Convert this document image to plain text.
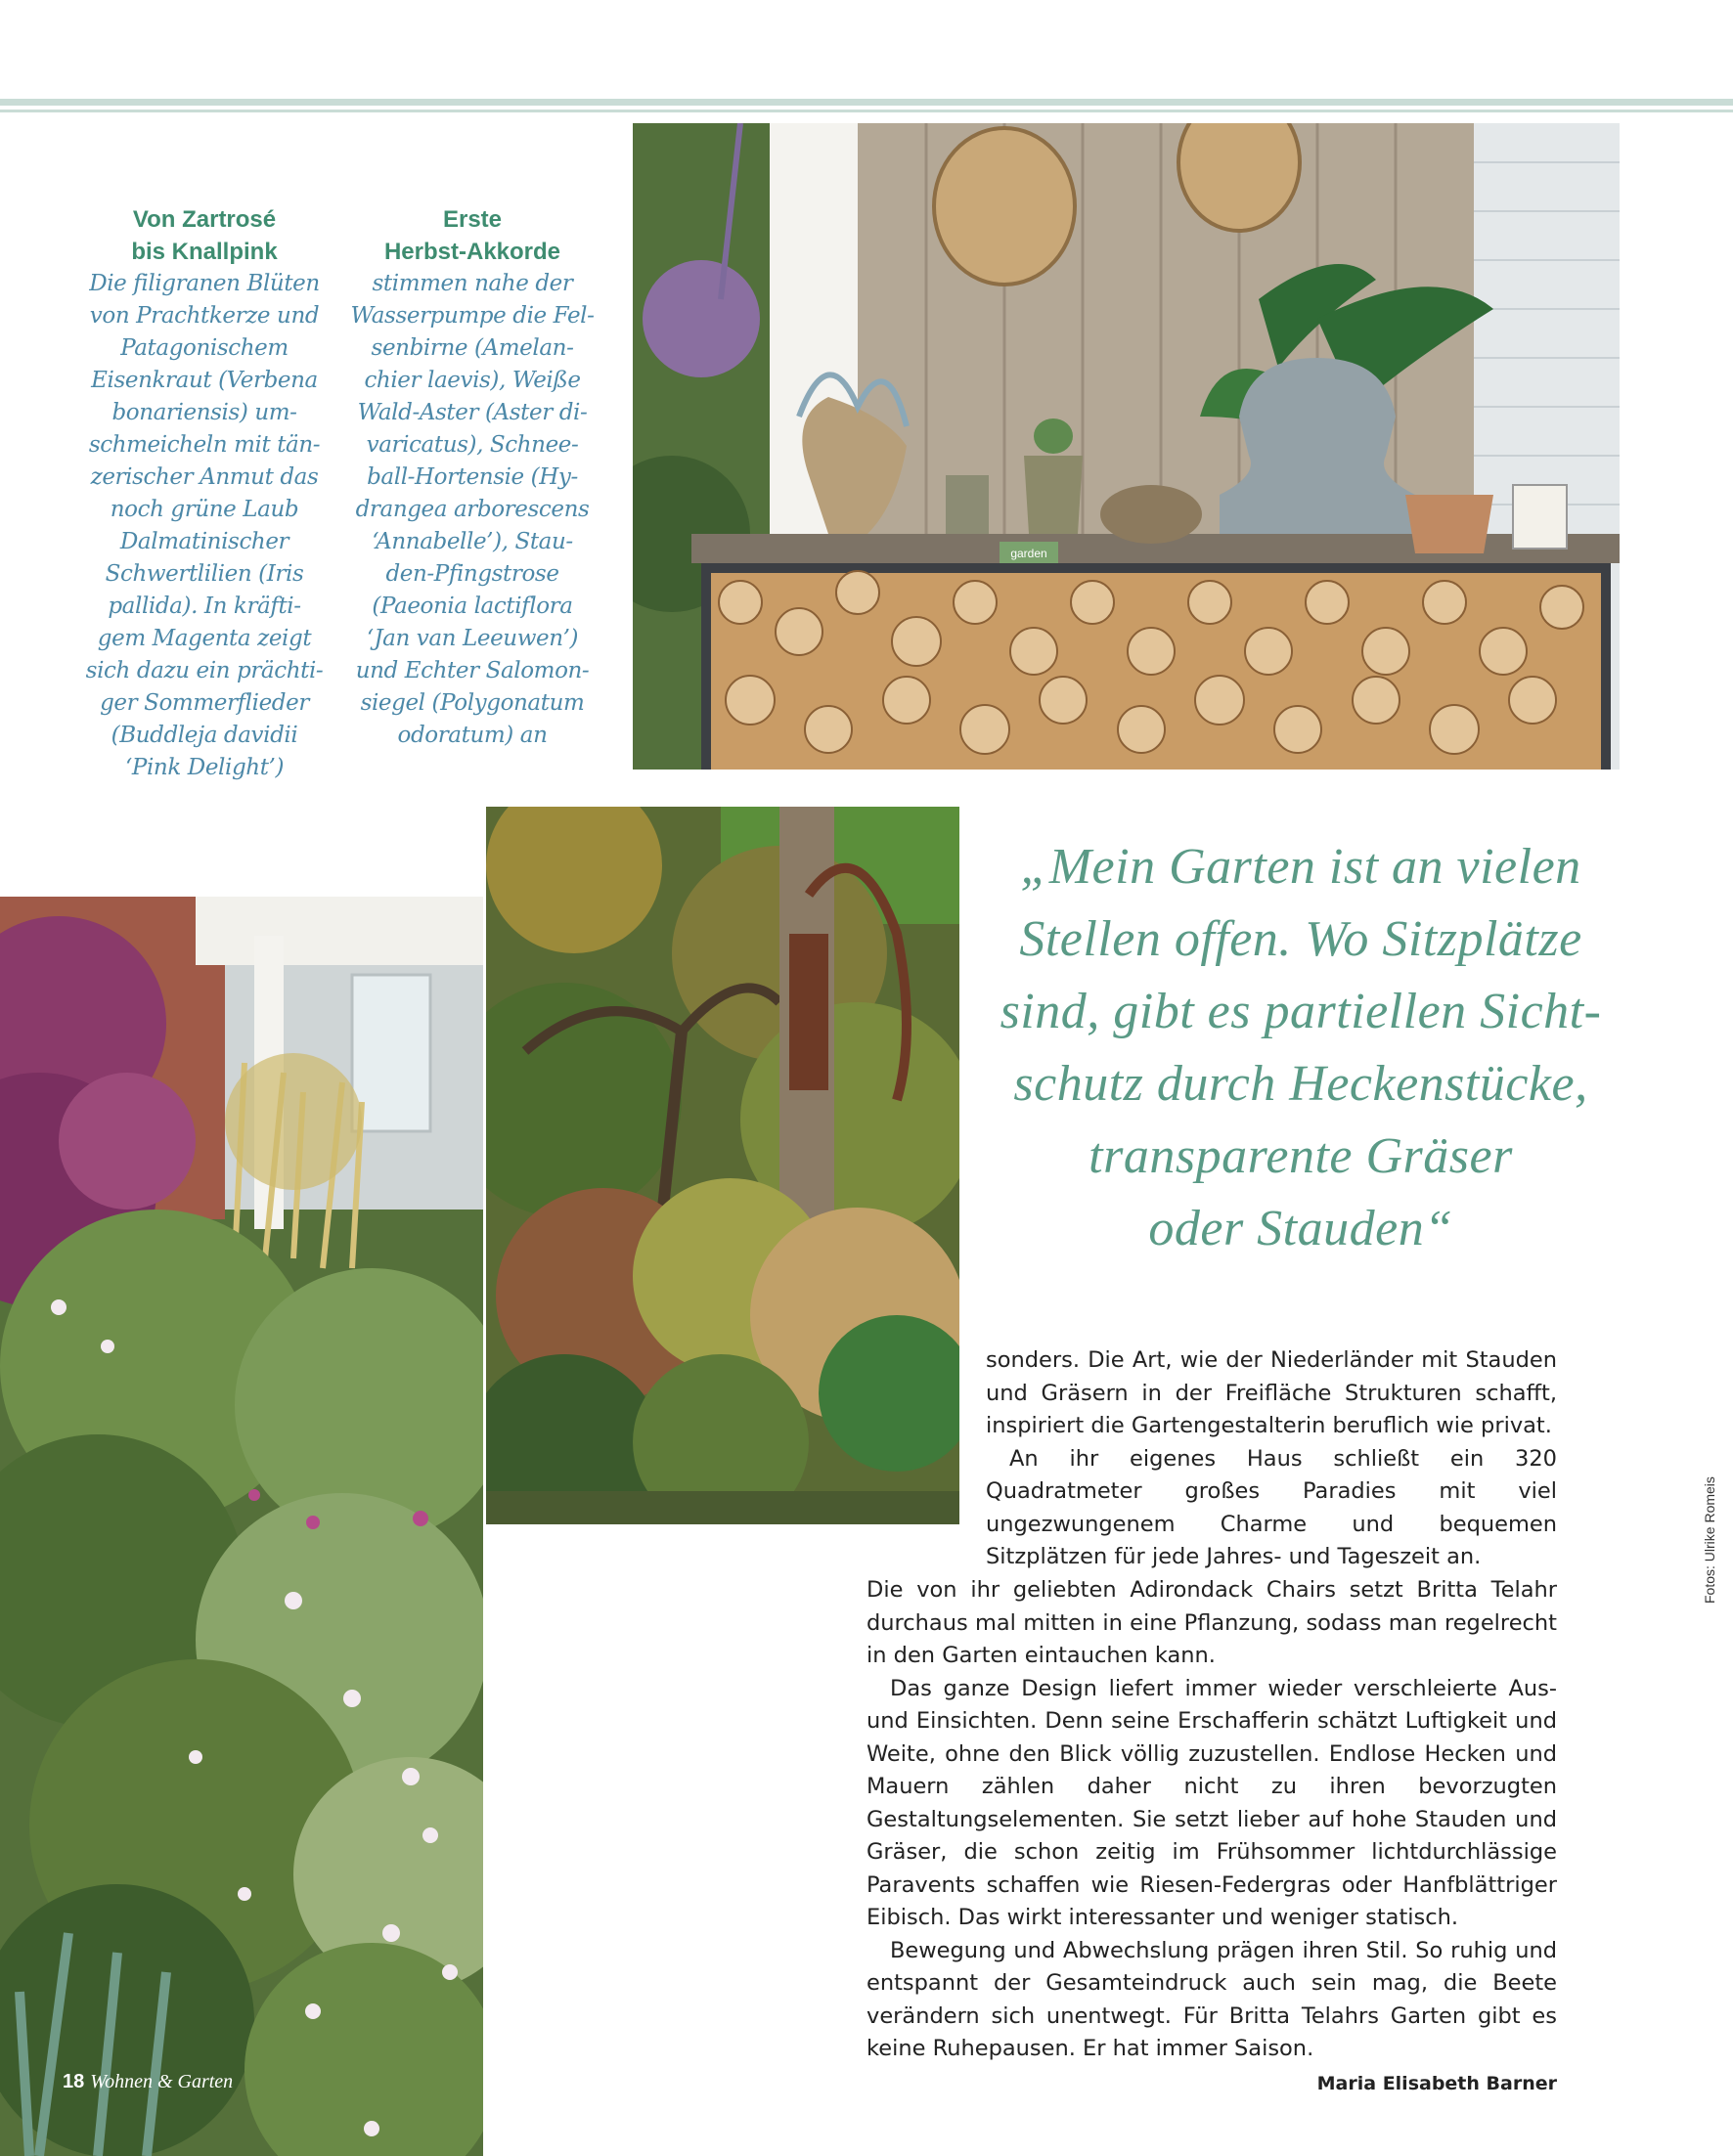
Von Zartrosé
bis Knallpink
Die filigranen Blüten
von Prachtkerze und
Patagonischem
Eisenkraut (Verbena
bonariensis) um-
schmeicheln mit tän-
zerischer Anmut das
noch grüne Laub
Dalmatinischer
Schwertlilien (Iris
pallida). In kräfti-
gem Magenta zeigt
sich dazu ein prächti-
ger Sommerflieder
(Buddleja davidii
‘Pink Delight’)
Erste
Herbst-Akkorde
stimmen nahe der
Wasserpumpe die Fel-
senbirne (Amelan-
chier laevis), Weiße
Wald-Aster (Aster di-
varicatus), Schnee-
ball-Hortensie (Hy-
drangea arborescens
‘Annabelle’), Stau-
den-Pfingstrose
(Paeonia lactiflora
‘Jan van Leeuwen’)
und Echter Salomon-
siegel (Polygonatum
odoratum) an
garden
„Mein Garten ist an vielen
Stellen offen. Wo Sitzplätze
sind, gibt es partiellen Sicht-
schutz durch Heckenstücke,
transparente Gräser
oder Stauden“

sonders. Die Art, wie der Niederländer mit Stauden und Gräsern in der Freifläche Strukturen schafft, inspiriert die Gartengestalterin beruflich wie privat.

An ihr eigenes Haus schließt ein 320 Quadratmeter großes Paradies mit viel ungezwungenem Charme und bequemen Sitzplätzen für jede Jahres- und Tageszeit an.

Die von ihr geliebten Adirondack Chairs setzt Britta Telahr durchaus mal mitten in eine Pflanzung, sodass man regelrecht in den Garten eintauchen kann.

Das ganze Design liefert immer wieder verschleierte Aus- und Einsichten. Denn seine Erschafferin schätzt Luftigkeit und Weite, ohne den Blick völlig zuzustellen. Endlose Hecken und Mauern zählen daher nicht zu ihren bevorzugten Gestaltungselementen. Sie setzt lieber auf hohe Stauden und Gräser, die schon zeitig im Frühsommer lichtdurchlässige Paravents schaffen wie Riesen-Federgras oder Hanfblättriger Eibisch. Das wirkt interessanter und weniger statisch.

Bewegung und Abwechslung prägen ihren Stil. So ruhig und entspannt der Gesamteindruck auch sein mag, die Beete verändern sich unentwegt. Für Britta Telahrs Garten gibt es keine Ruhepausen. Er hat immer Saison.
Maria Elisabeth Barner

18 Wohnen & Garten
Fotos: Ulrike Romeis
